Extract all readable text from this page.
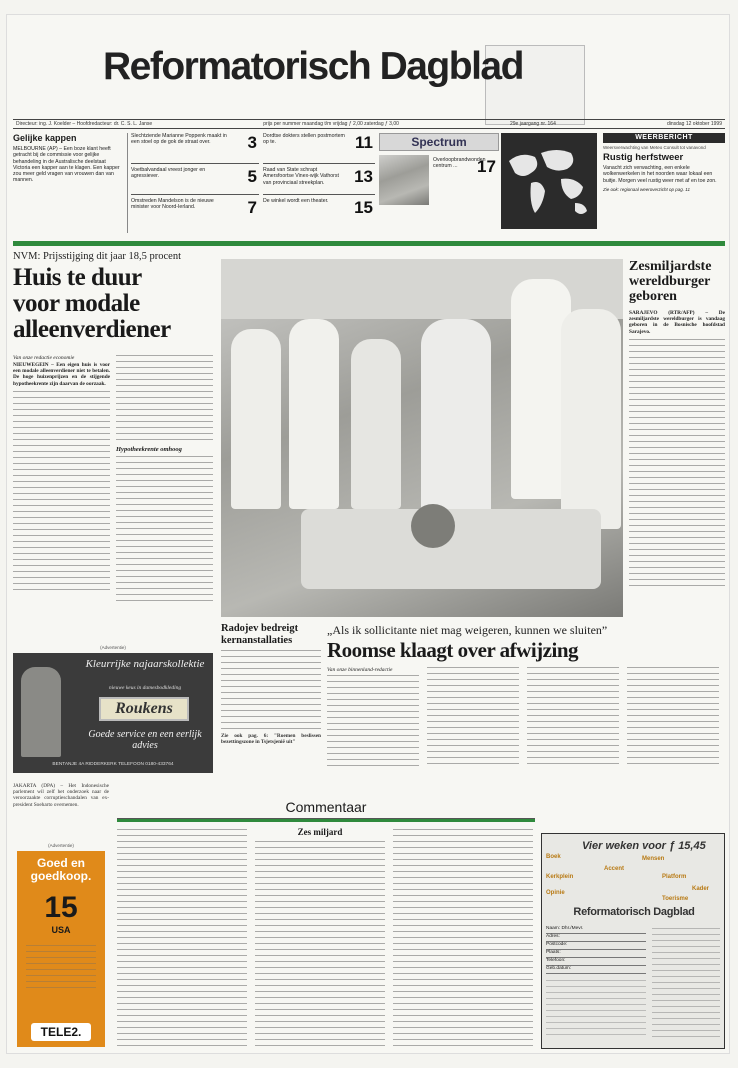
Reformatorisch Dagblad
Directeur: ing. J. Koelder – Hoofdredacteur: dr. C. S. L. Janse	prijs per nummer maandag t/m vrijdag ƒ 2,00 zaterdag ƒ 3,00	29e jaargang nr. 164	dinsdag 12 oktober 1999
Gelijke kappen
MELBOURNE (AP) – Een boze klant heeft getracht bij de commissie voor gelijke behandeling in de Australische deelstaat Victoria een kapper aan te klagen. Een kapper zou meer geld vragen van vrouwen dan van mannen.
Slechtziende Marianne Poppenk maakt in een stoel op de gok de straat over.	3
Voetbalvandaal vreest jonger en agressiever.	5
Omstreden Mandelson is de nieuwe minister voor Noord-Ierland.	7
Dordtse dokters stellen postmortem op te.	11
Raad van State schrapt Amersfoortse Vinex-wijk Vathorst van provinciaal streekplan.	13
De winkel wordt een theater.	15
Spectrum
Overloopbrandwonden centrum ...	17
WEERBERICHT
Weersverwachting van Meteo Consult tot vanavond
Rustig herfstweer
Vanacht zich verwachting, een enkele wolkenwerkelen in het noorden waar lokaal een buitje. Morgen veel rustig weer met af en toe zon.
Zie ook: regionaal weeroverzicht op pag. 11
NVM: Prijsstijging dit jaar 18,5 procent
Huis te duur
voor modale
alleenverdiener
Van onze redactie economie
NIEUWEGEIN – Een eigen huis is voor een modale alleenverdiener niet te betalen. De hoge huizenprijzen en de stijgende hypotheekrente zijn daarvan de oorzaak.
Hypotheekrente omhoog
Zesmiljardste
wereldburger
geboren
SARAJEVO (RTR/AFP) – De zesmiljardste wereldburger is vandaag geboren in de Bosnische hoofdstad Sarajevo.
Radojev bedreigt
kernanstallaties
Zie ook pag. 6: "Roemen beslissen bezettingszone in Tsjetsjenië uit"
„Als ik sollicitante niet mag weigeren, kunnen we sluiten”
Roomse klaagt over afwijzing
Van onze binnenland-redactie
(Advertentie)
Kleurrijke najaarskollektie
nieuwe keus in damesbodkleding
Roukens
Goede service en een eerlijk advies
BENTANJE 4A RIDDERKERK TELEFOON 0180-433764
JAKARTA (DPA) – Het Indonesische parlement wil zelf het onderzoek naar de veroorzaakte corruptieschandalen van ex-president Soeharto overnemen.
(Advertentie)
Goed en goedkoop.
15
USA
TELE2.
Commentaar
Zes miljard
Vier weken voor ƒ 15,45
Boek
Accent
Mensen
Kerkplein	Platform
Opinie
Kader
Toerisme
Reformatorisch Dagblad
Naam: Dhr./Mevr.
Adres:
Postcode:
Plaats:
Telefoon:
Geb.datum:
